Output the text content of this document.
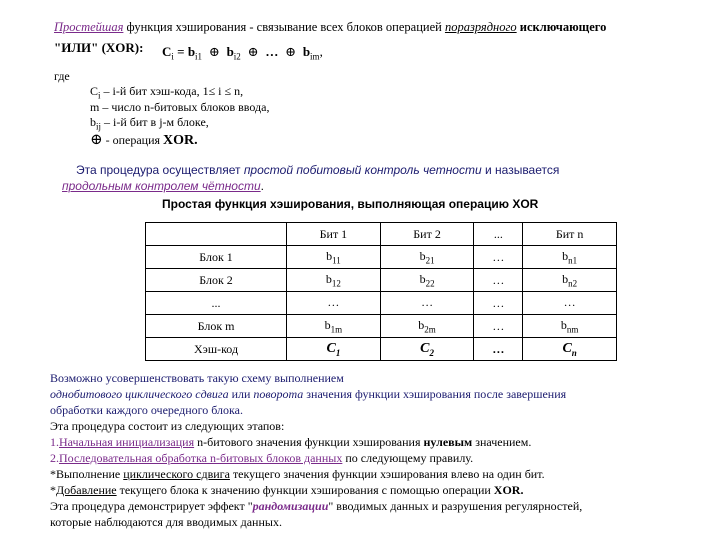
Простейшая функция хэширования - связывание всех блоков операцией поразрядного исключающего
"ИЛИ" (XOR): $C_i = b_{i1}$ ⊕ $b_{i2}$ ⊕ … ⊕ $b_{im}$,
где
$C_i - i-й$ бит хэш-кода, 1≤ i ≤ n,
m – число n-битовых блоков ввода,
$b_{ij} - i-й$ бит в j-м блоке,
⊕ - операция XOR.
Эта процедура осуществляет простой побитовый контроль четности и называется
продольным контролем чётности.
Простая функция хэширования, выполняющая операцию XOR
	Бит 1	Бит 2	...	Бит n
Блок 1	$b_{11}$	$b_{21}$	…	$b_{n1}$
Блок 2	$b_{12}$	$b_{22}$	…	$b_{n2}$
...	…	…	…	…
Блок m	$b_{1m}$	$b_{2m}$	…	$b_{nm}$
Хэш-код	$C_1$	$C_2$	…	$C_n$
Возможно усовершенствовать такую схему выполнением
однобитового циклического сдвига или поворота значения функции хэширования после завершения
обработки каждого очередного блока.
Эта процедура состоит из следующих этапов:
1.Начальная инициализация n-битового значения функции хэширования нулевым значением.
2.Последовательная обработка n-битовых блоков данных по следующему правилу.
*Выполнение циклического сдвига текущего значения функции хэширования влево на один бит.
*Добавление текущего блока к значению функции хэширования с помощью операции XOR.
Эта процедура демонстрирует эффект "рандомизации" вводимых данных и разрушения регулярностей,
которые наблюдаются для вводимых данных.
